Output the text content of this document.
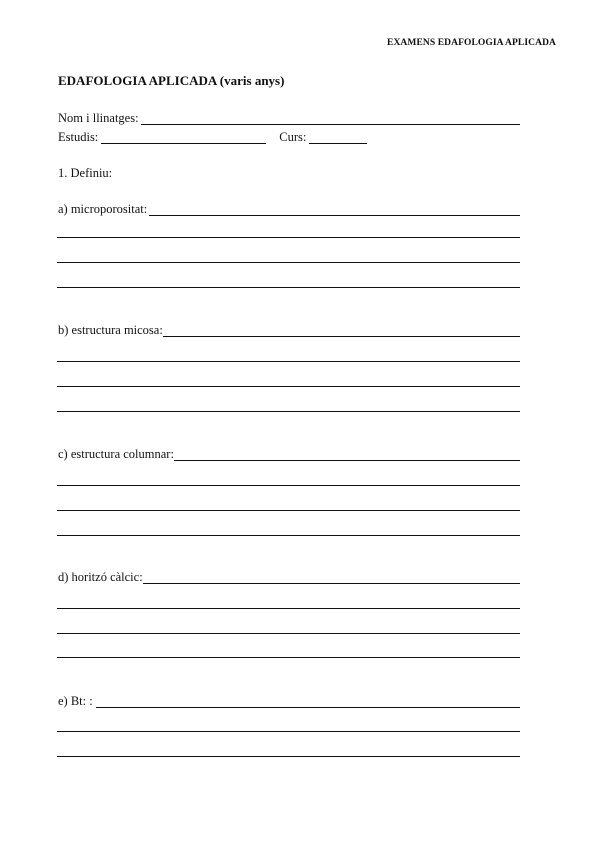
EXAMENS EDAFOLOGIA APLICADA
EDAFOLOGIA APLICADA (varis anys)
Nom i llinatges:
Estudis:	Curs:
1. Definiu:
a) microporositat:
b) estructura micosa:
c) estructura columnar:
d) horitzó càlcic:
e) Bt: :
